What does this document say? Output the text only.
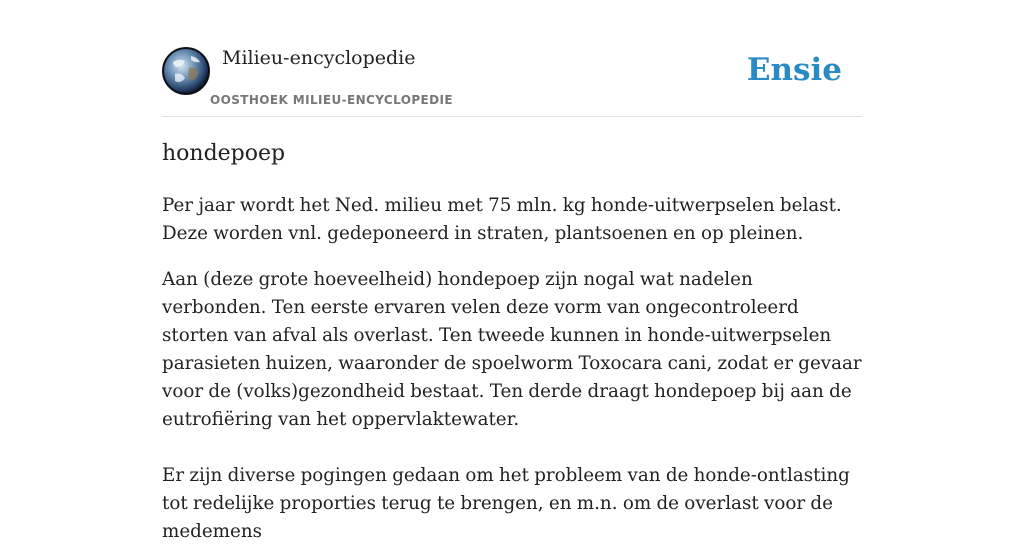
Milieu-encyclopedie
OOSTHOEK MILIEU-ENCYCLOPEDIE
Ensie
hondepoep

Per jaar wordt het Ned. milieu met 75 mln. kg honde-uitwerpselen belast. Deze worden vnl. gedeponeerd in straten, plantsoenen en op pleinen.

Aan (deze grote hoeveelheid) hondepoep zijn nogal wat nadelen verbonden. Ten eerste ervaren velen deze vorm van ongecontroleerd storten van afval als overlast. Ten tweede kunnen in honde-uitwerpselen parasieten huizen, waaronder de spoelworm Toxocara cani, zodat er gevaar voor de (volks)gezondheid bestaat. Ten derde draagt hondepoep bij aan de eutrofiëring van het oppervlaktewater.

Er zijn diverse pogingen gedaan om het probleem van de honde-ontlasting tot redelijke proporties terug te brengen, en m.n. om de overlast voor de medemens
